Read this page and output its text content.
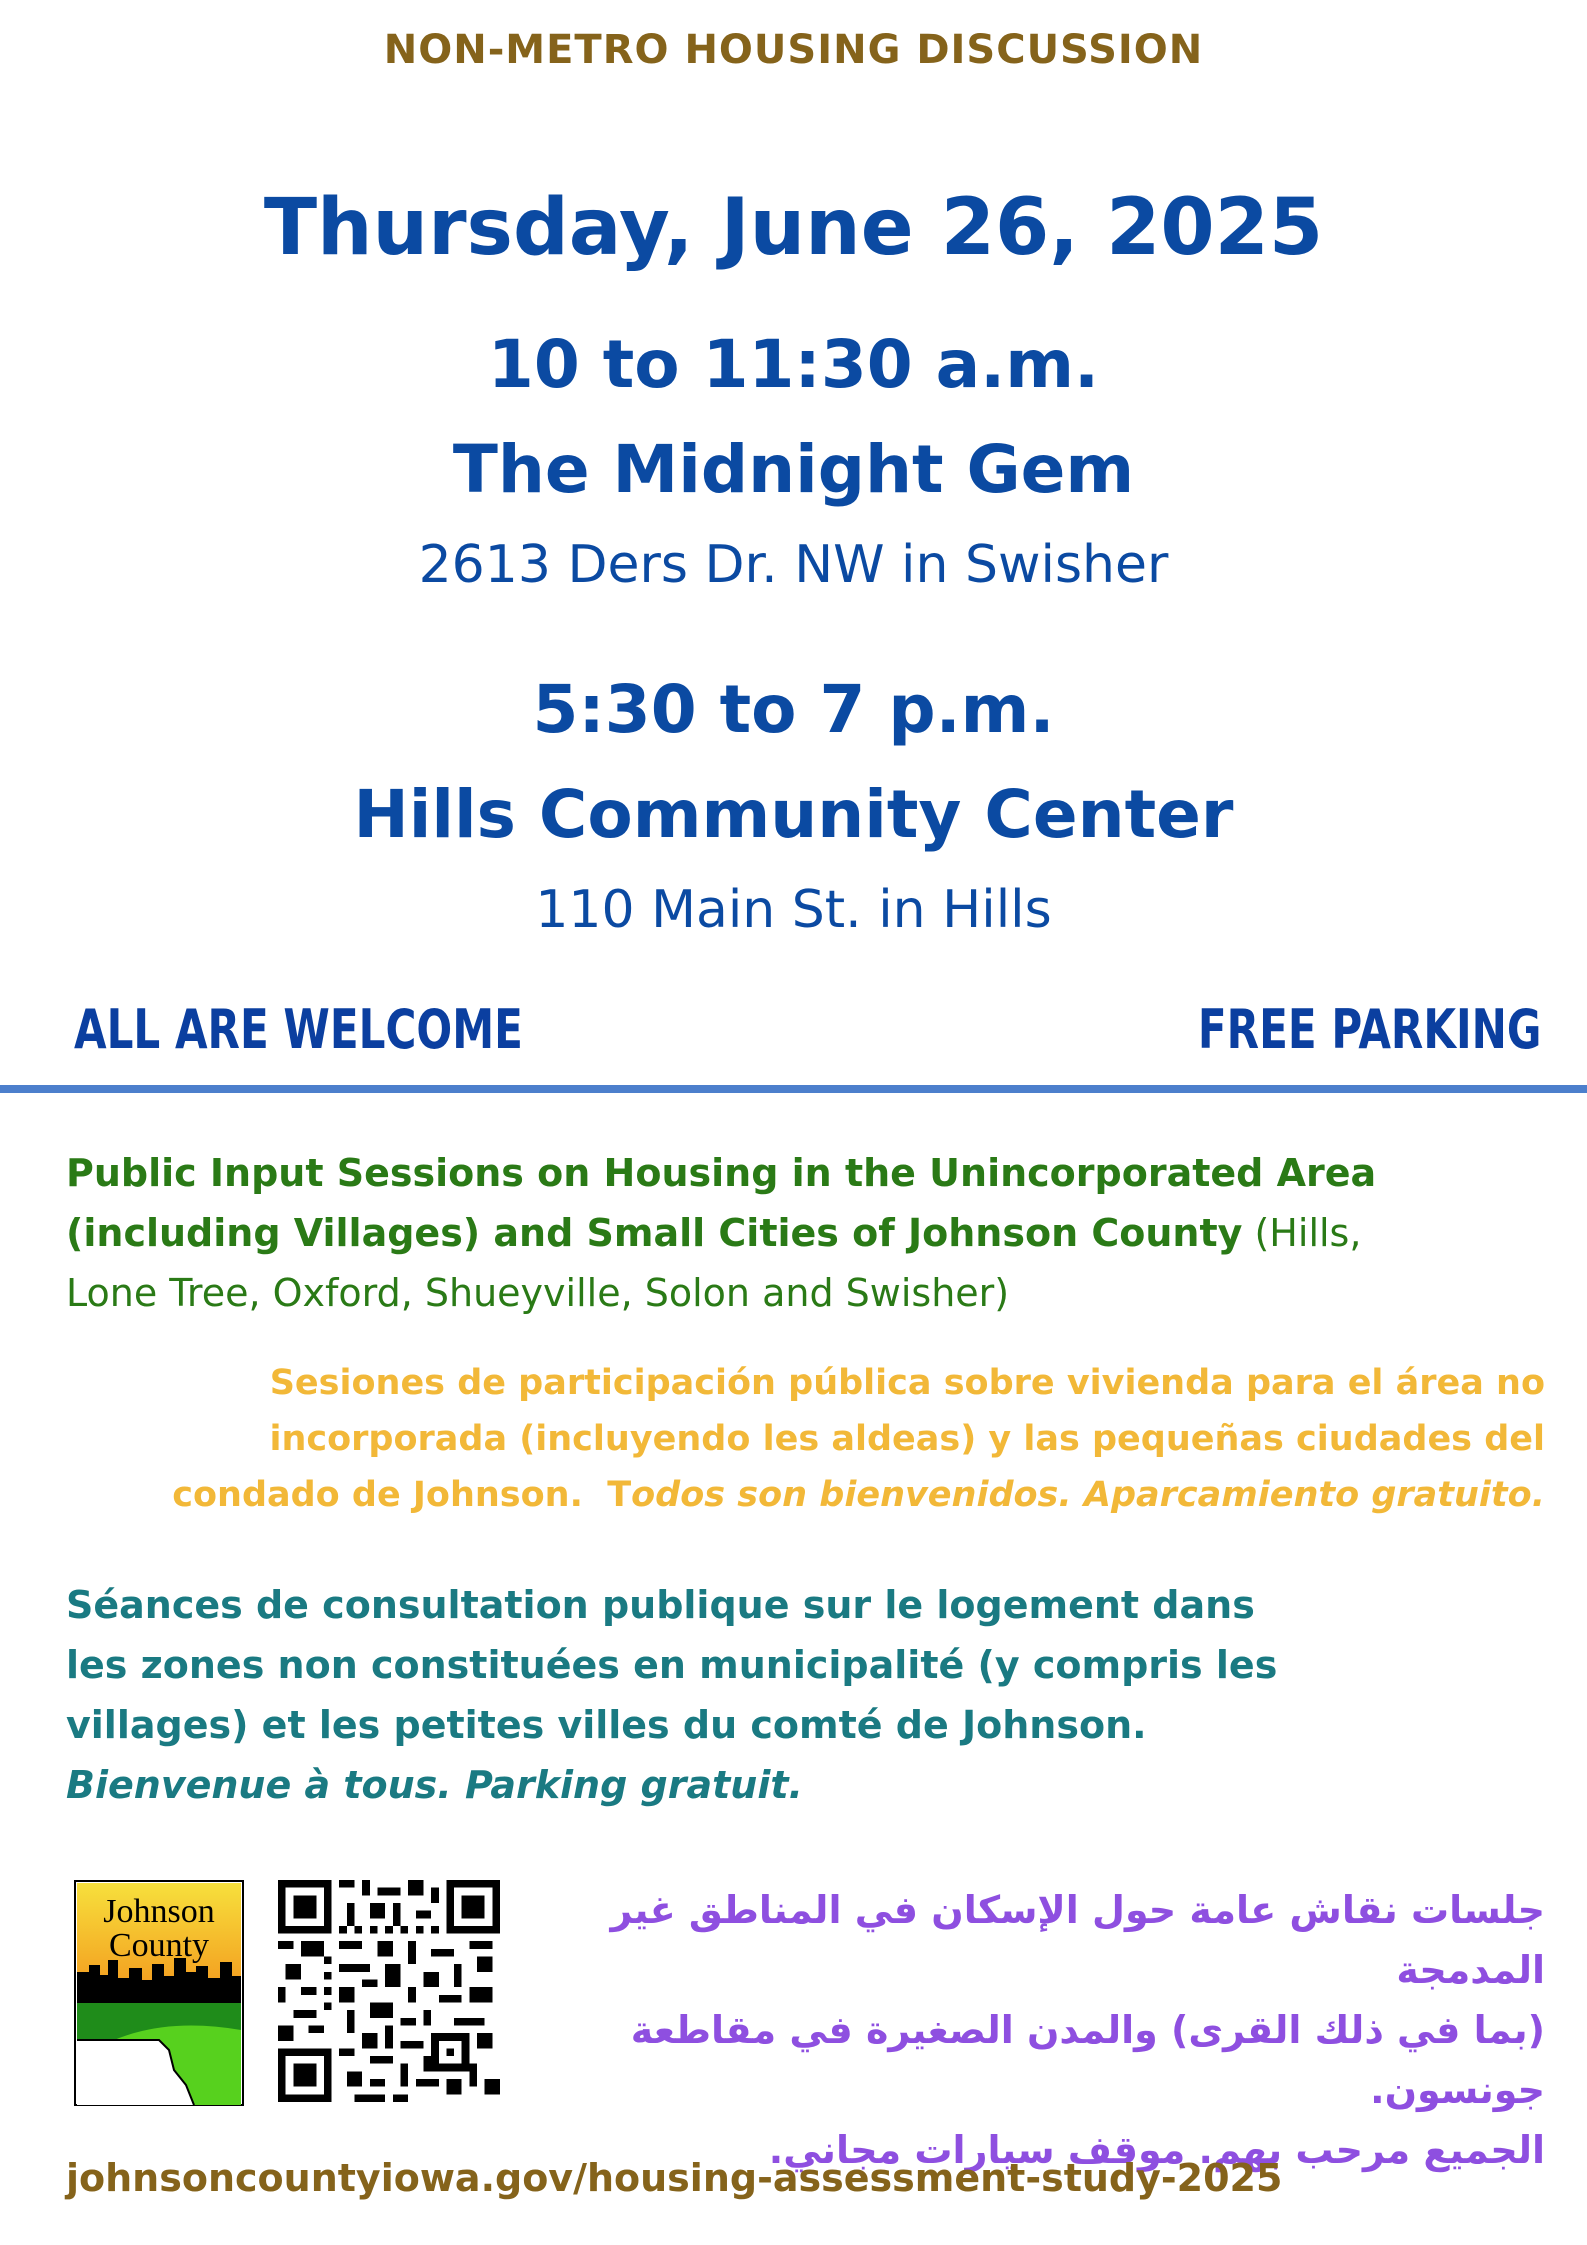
NON-METRO HOUSING DISCUSSION
Thursday, June 26, 2025
10 to 11:30 a.m.
The Midnight Gem
2613 Ders Dr. NW in Swisher
5:30 to 7 p.m.
Hills Community Center
110 Main St. in Hills
ALL ARE WELCOME	FREE PARKING
Public Input Sessions on Housing in the Unincorporated Area (including Villages) and Small Cities of Johnson County (Hills, Lone Tree, Oxford, Shueyville, Solon and Swisher)
Sesiones de participación pública sobre vivienda para el área no
incorporada (incluyendo les aldeas) y las pequeñas ciudades del
condado de Johnson.  Todos son bienvenidos. Aparcamiento gratuito.
Séances de consultation publique sur le logement dans
les zones non constituées en municipalité (y compris les
villages) et les petites villes du comté de Johnson.
Bienvenue à tous. Parking gratuit.
Johnson
County
جلسات نقاش عامة حول الإسكان في المناطق غير المدمجة
(بما في ذلك القرى) والمدن الصغيرة في مقاطعة جونسون.
الجميع مرحب بهم. موقف سيارات مجاني.
johnsoncountyiowa.gov/housing-assessment-study-2025
